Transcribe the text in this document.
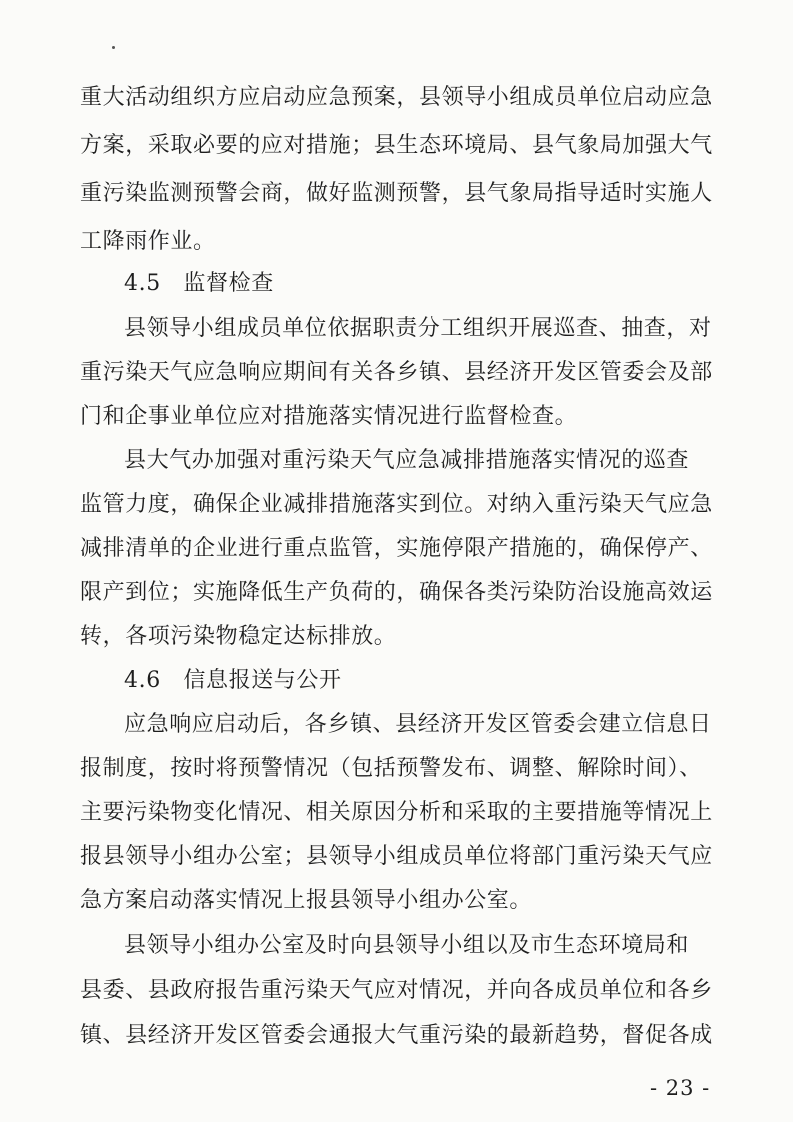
重大活动组织方应启动应急预案，县领导小组成员单位启动应急
方案，采取必要的应对措施；县生态环境局、县气象局加强大气
重污染监测预警会商，做好监测预警，县气象局指导适时实施人
工降雨作业。
4.5　监督检查
县领导小组成员单位依据职责分工组织开展巡查、抽查，对
重污染天气应急响应期间有关各乡镇、县经济开发区管委会及部
门和企事业单位应对措施落实情况进行监督检查。
县大气办加强对重污染天气应急减排措施落实情况的巡查
监管力度，确保企业减排措施落实到位。对纳入重污染天气应急
减排清单的企业进行重点监管，实施停限产措施的，确保停产、
限产到位；实施降低生产负荷的，确保各类污染防治设施高效运
转，各项污染物稳定达标排放。
4.6　信息报送与公开
应急响应启动后，各乡镇、县经济开发区管委会建立信息日
报制度，按时将预警情况（包括预警发布、调整、解除时间）、
主要污染物变化情况、相关原因分析和采取的主要措施等情况上
报县领导小组办公室；县领导小组成员单位将部门重污染天气应
急方案启动落实情况上报县领导小组办公室。
县领导小组办公室及时向县领导小组以及市生态环境局和
县委、县政府报告重污染天气应对情况，并向各成员单位和各乡
镇、县经济开发区管委会通报大气重污染的最新趋势，督促各成
- 23 -
